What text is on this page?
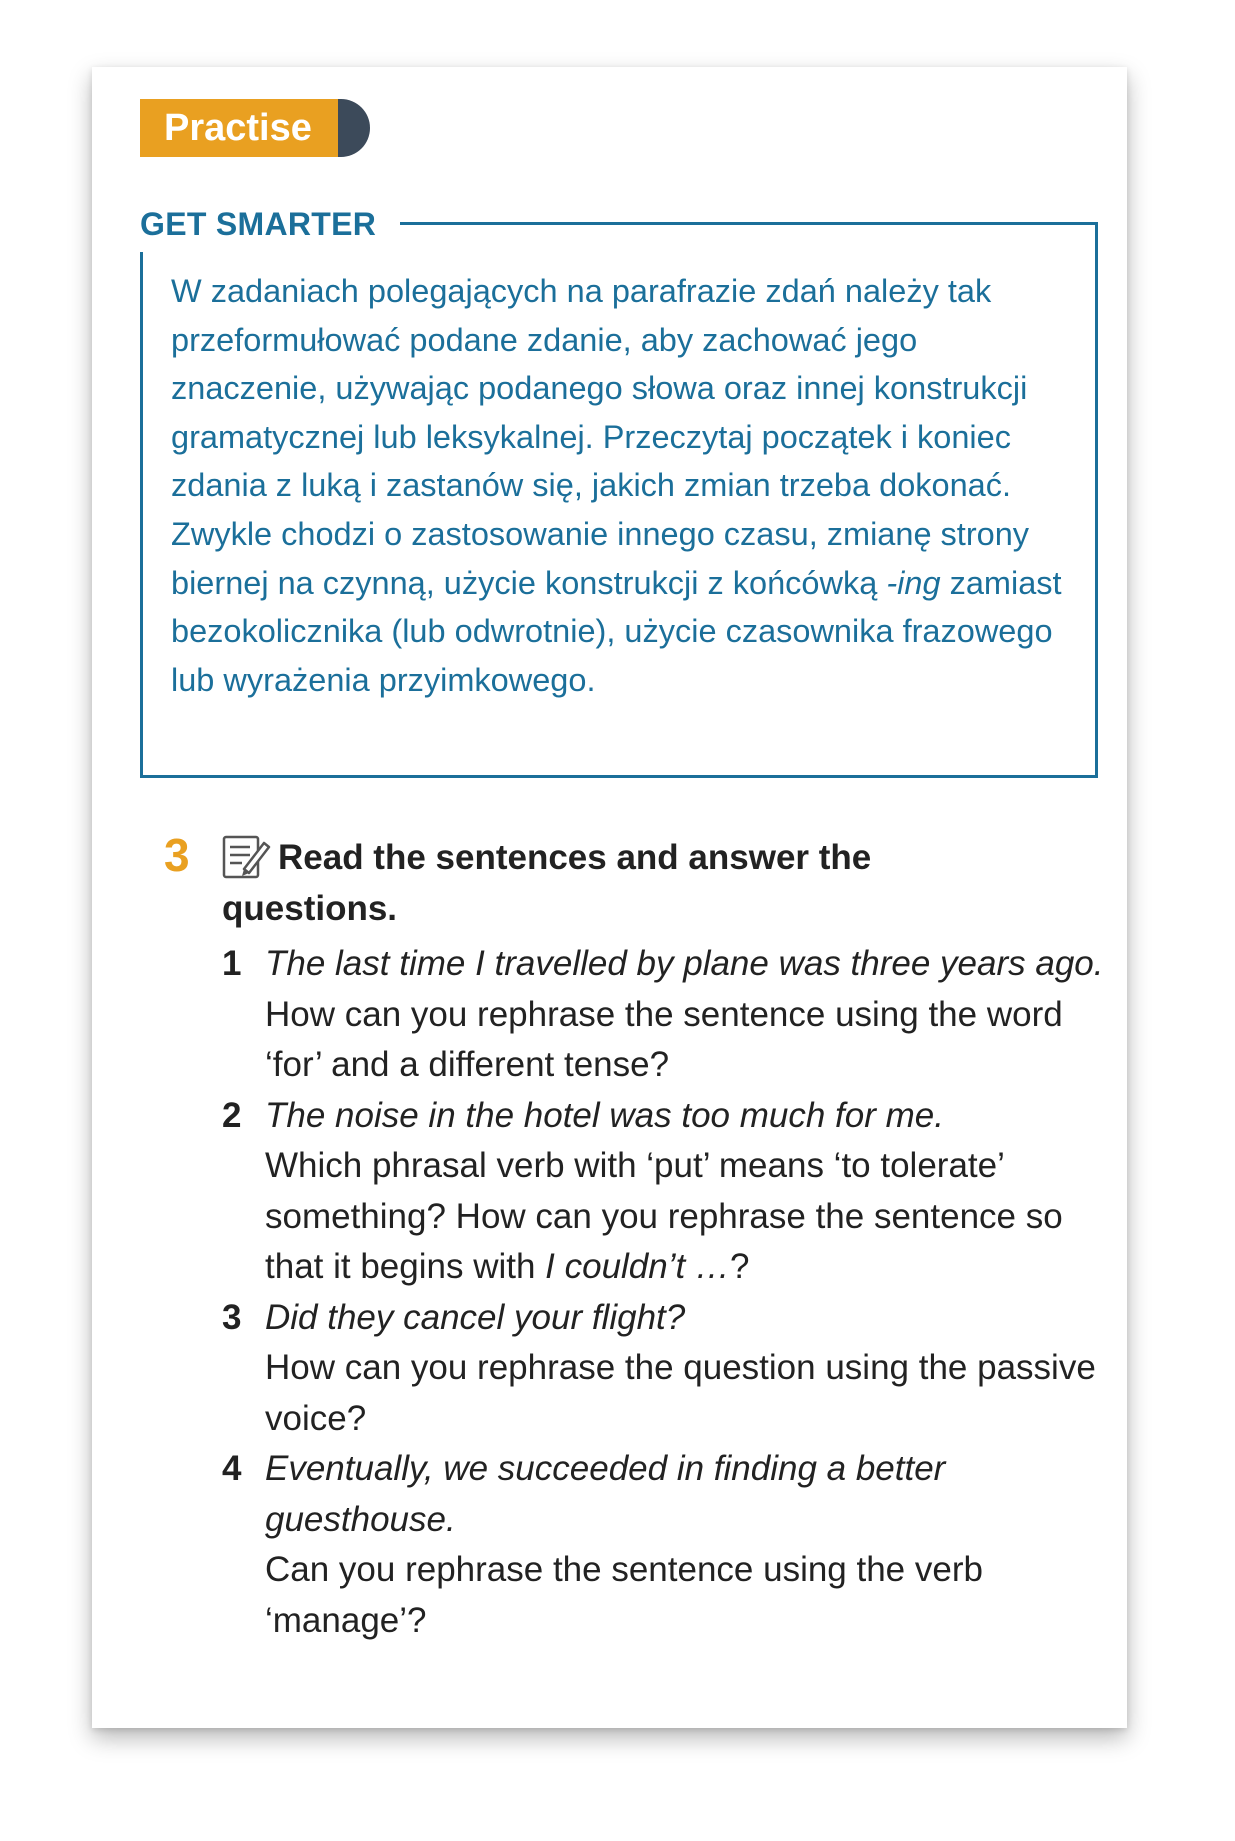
Practise
GET SMARTER

W zadaniach polegających na parafrazie zdań należy tak przeformułować podane zdanie, aby zachować jego znaczenie, używając podanego słowa oraz innej konstrukcji gramatycznej lub leksykalnej. Przeczytaj początek i koniec zdania z luką i zastanów się, jakich zmian trzeba dokonać. Zwykle chodzi o zastosowanie innego czasu, zmianę strony biernej na czynną, użycie konstrukcji z końcówką -ing zamiast bezokolicznika (lub odwrotnie), użycie czasownika frazowego lub wyrażenia przyimkowego.

3	Read the sentences and answer the questions.

1 The last time I travelled by plane was three years ago.
How can you rephrase the sentence using the word ‘for’ and a different tense?
2 The noise in the hotel was too much for me.
Which phrasal verb with ‘put’ means ‘to tolerate’ something? How can you rephrase the sentence so that it begins with I couldn’t …?
3 Did they cancel your flight?
How can you rephrase the question using the passive voice?
4 Eventually, we succeeded in finding a better guesthouse.
Can you rephrase the sentence using the verb ‘manage’?
